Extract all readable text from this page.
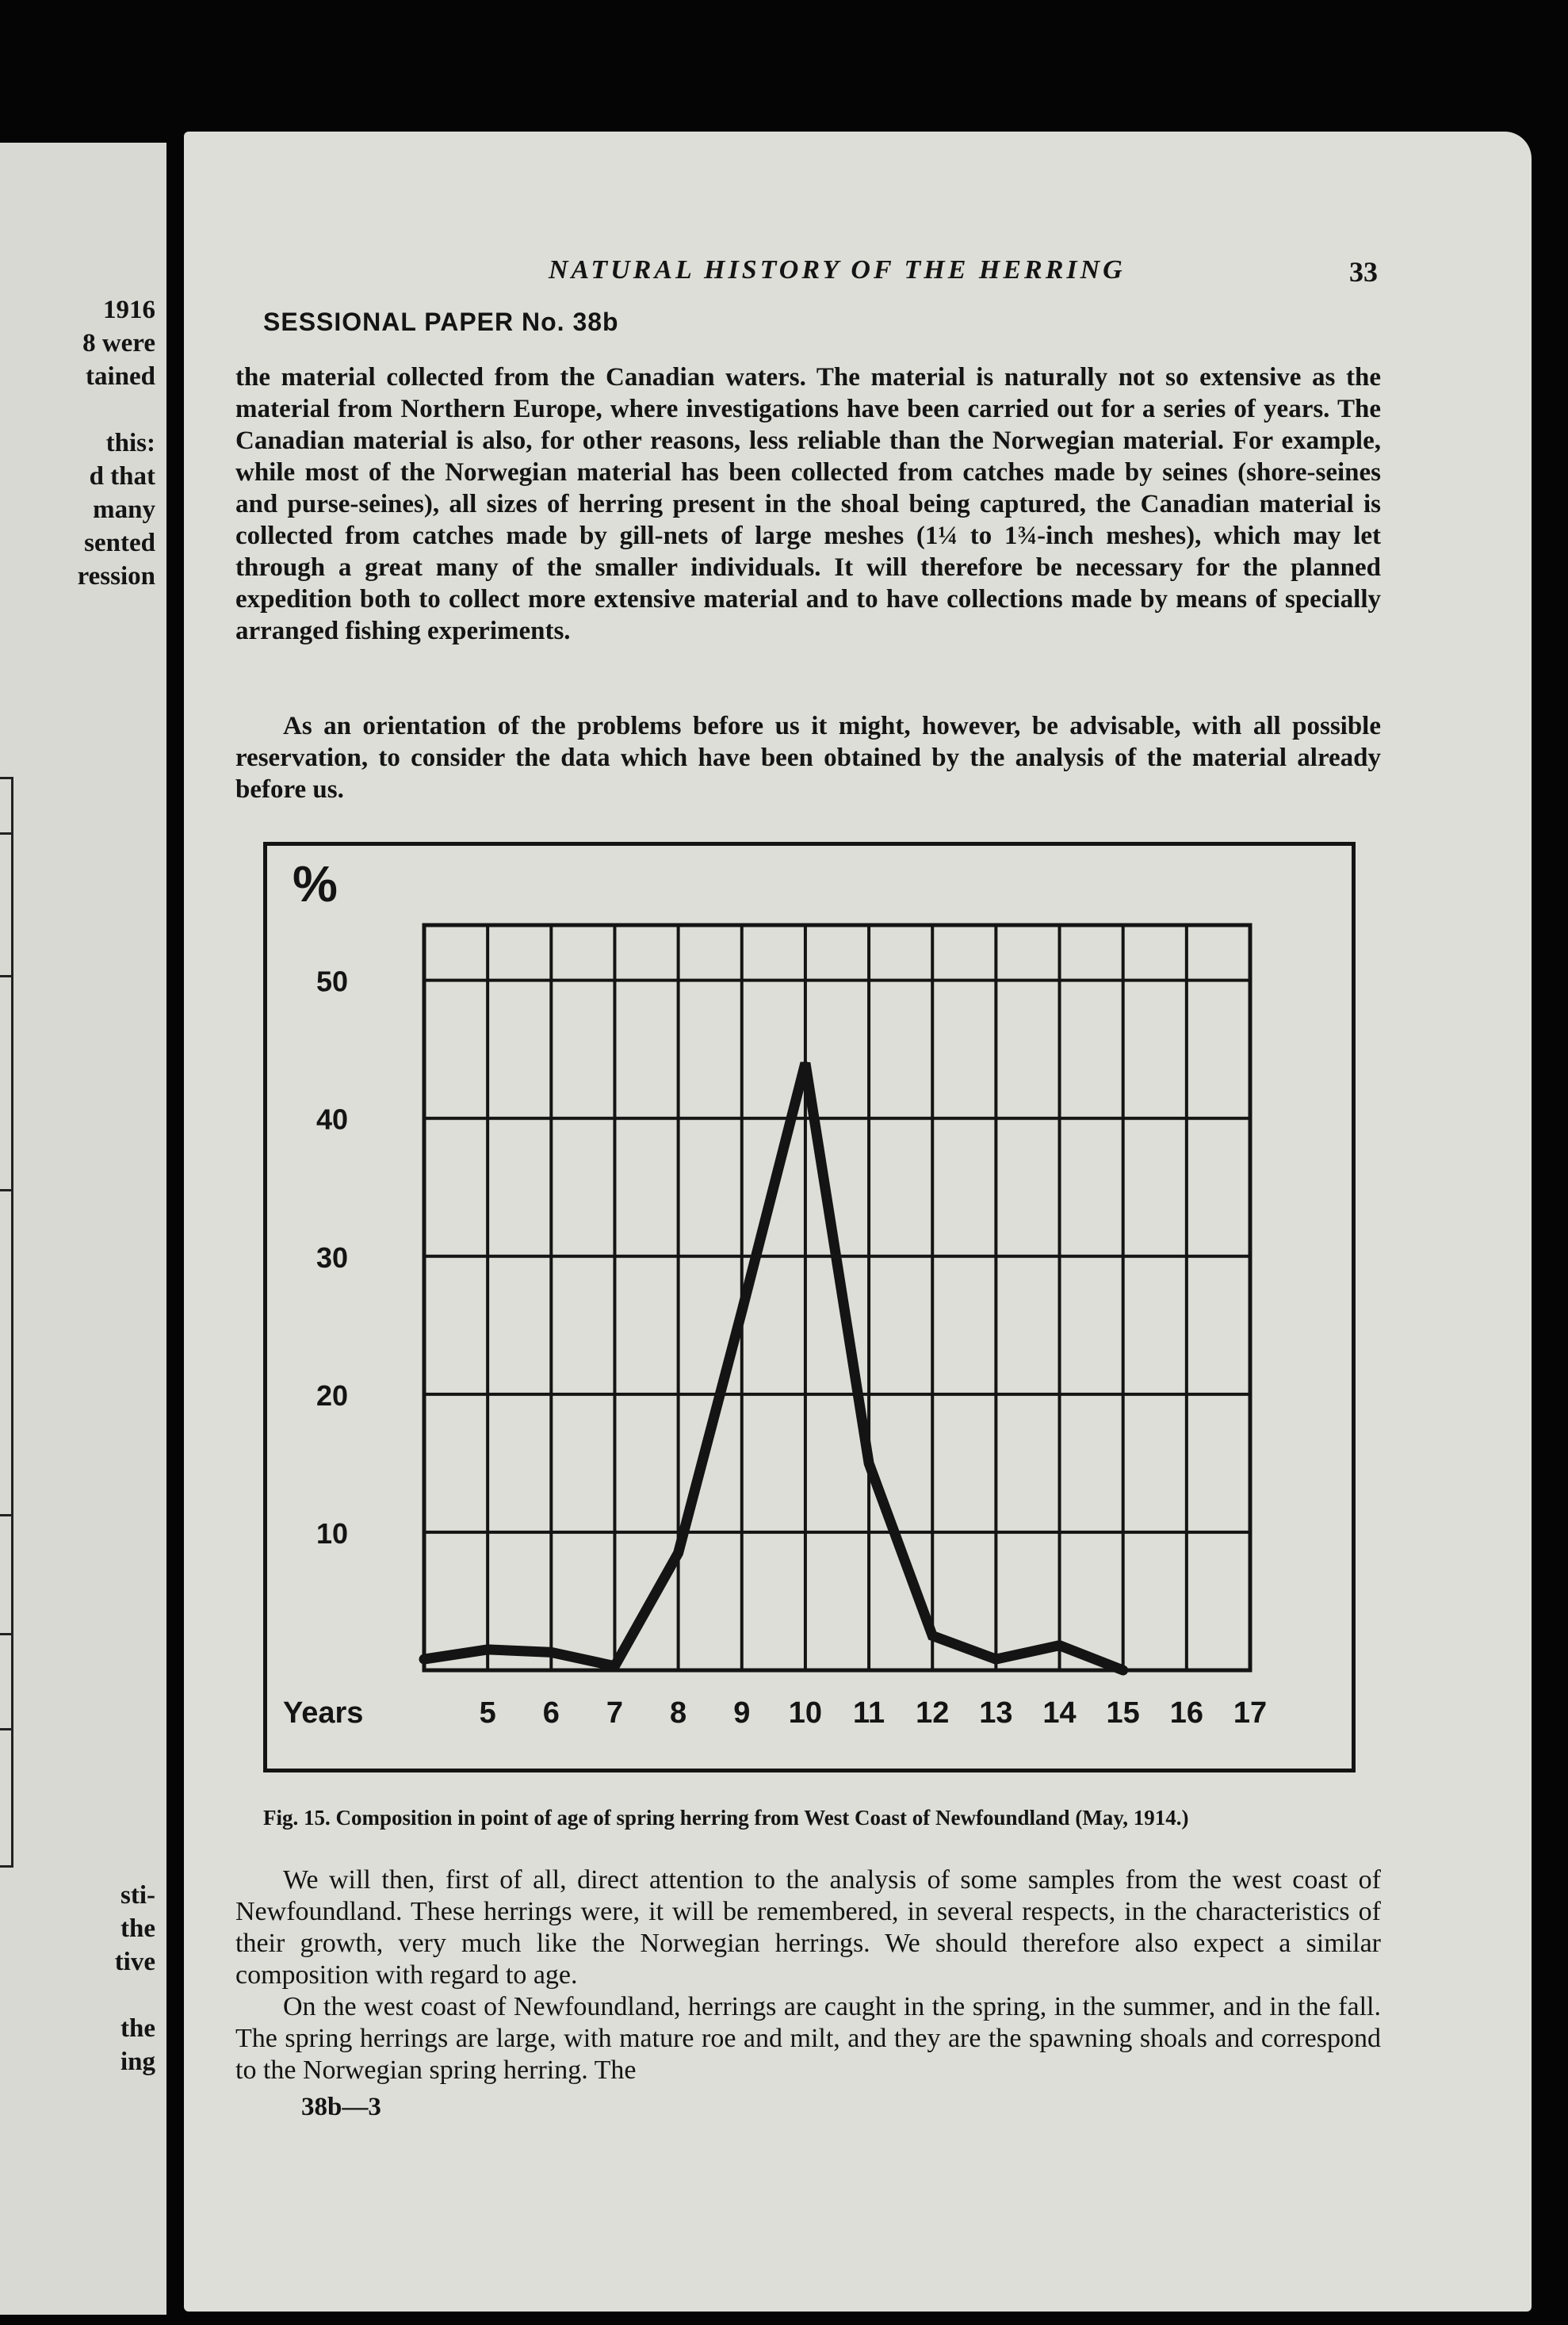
1916
8 were
tained
this:
d that
many
sented
ression
sti-
the
tive
the
ing
NATURAL HISTORY OF THE HERRING	33
SESSIONAL PAPER No. 38b

the material collected from the Canadian waters. The material is naturally not so extensive as the material from Northern Europe, where investigations have been carried out for a series of years. The Canadian material is also, for other reasons, less reliable than the Norwegian material. For example, while most of the Norwegian material has been collected from catches made by seines (shore-seines and purse-seines), all sizes of herring present in the shoal being captured, the Canadian material is collected from catches made by gill-nets of large meshes (1¼ to 1¾-inch meshes), which may let through a great many of the smaller individuals. It will therefore be necessary for the planned expedition both to collect more extensive material and to have collections made by means of specially arranged fishing experiments.

As an orientation of the problems before us it might, however, be advisable, with all possible reservation, to consider the data which have been obtained by the analysis of the material already before us.

%
50
40
30
20
10
Years	5 6 7 8 9 10 11 12 13 14 15 16 17
Fig. 15. Composition in point of age of spring herring from West Coast of Newfoundland (May, 1914.)

We will then, first of all, direct attention to the analysis of some samples from the west coast of Newfoundland. These herrings were, it will be remembered, in several respects, in the characteristics of their growth, very much like the Norwegian herrings. We should therefore also expect a similar composition with regard to age.

On the west coast of Newfoundland, herrings are caught in the spring, in the summer, and in the fall. The spring herrings are large, with mature roe and milt, and they are the spawning shoals and correspond to the Norwegian spring herring. The

38b—3
